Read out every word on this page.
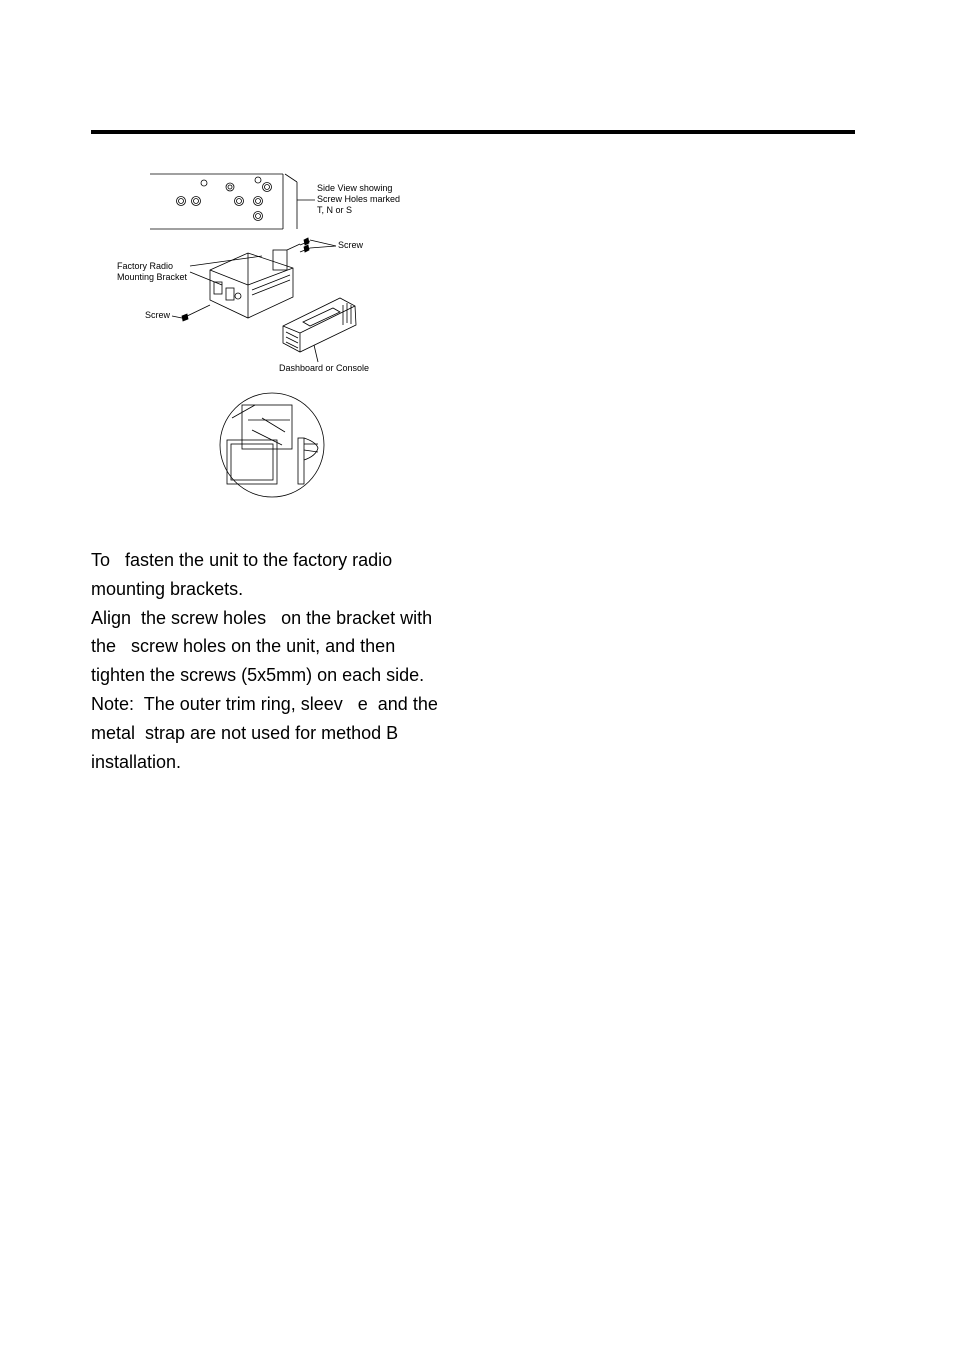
Side View showing
Screw Holes marked
T, N or S
Screw
Factory Radio
Mounting Bracket
Screw
Dashboard or Console
To   fasten the unit to the factory radio
mounting brackets.
Align  the screw holes   on the bracket with
the   screw holes on the unit, and then
tighten the screws (5x5mm) on each side.
Note:  The outer trim ring, sleev   e  and the
metal  strap are not used for method B
installation.
